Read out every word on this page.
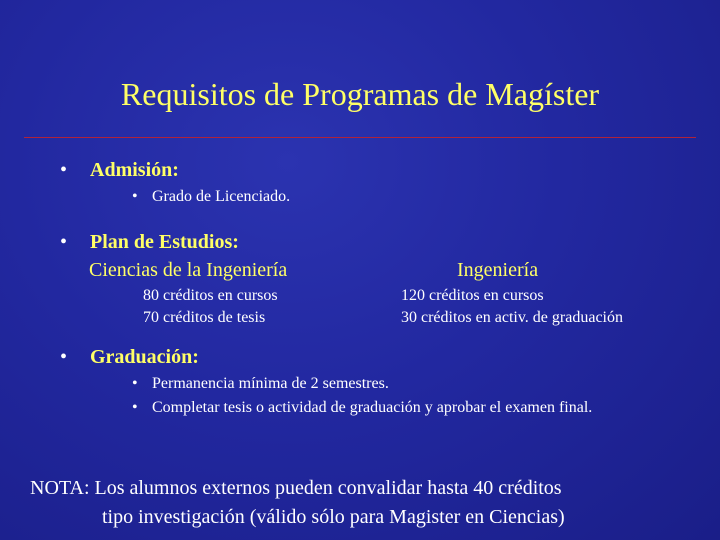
Requisitos de Programas de Magíster
• Admisión:
• Grado de Licenciado.
• Plan de Estudios:
Ciencias de la Ingeniería	Ingeniería
80 créditos en cursos
70 créditos de tesis
120 créditos en cursos
30 créditos en activ. de graduación
• Graduación:
• Permanencia mínima de 2 semestres.
• Completar tesis o actividad de graduación y aprobar el examen final.
NOTA: Los alumnos externos pueden convalidar hasta 40 créditos
tipo investigación (válido sólo para Magister en Ciencias)
